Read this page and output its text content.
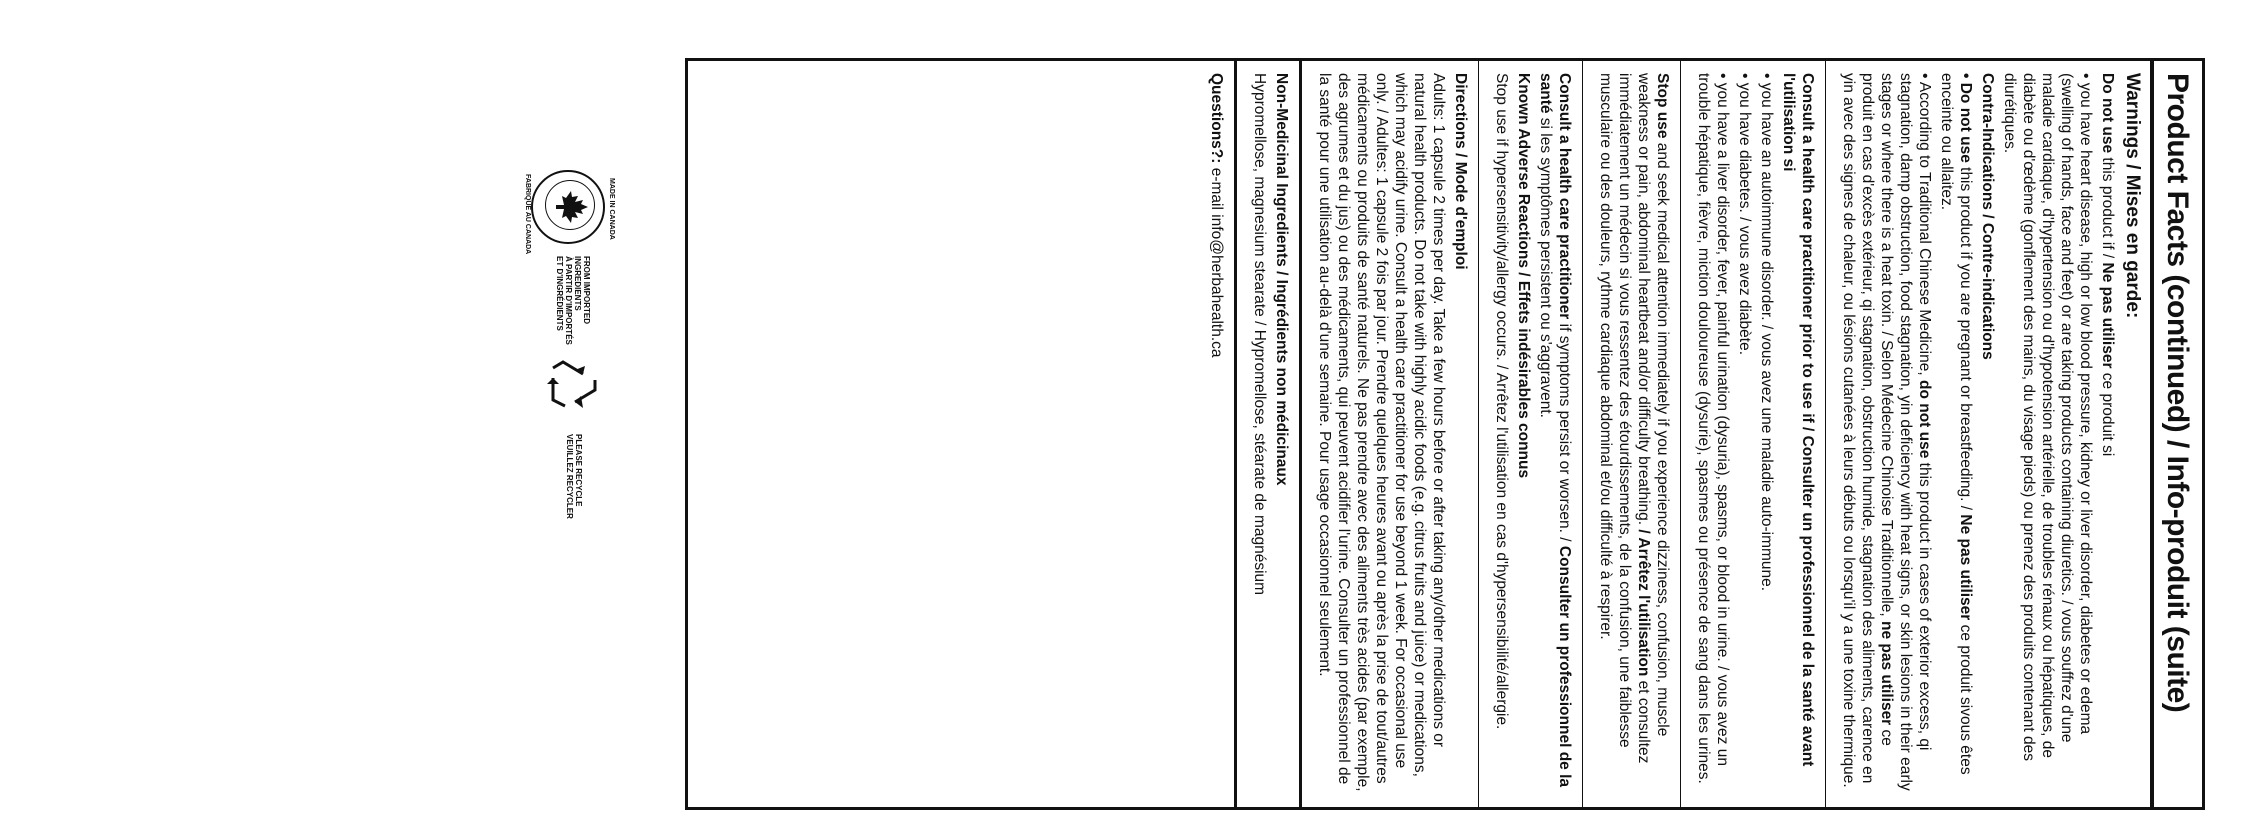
Product Facts (continued) / Info-produit (suite)
Warnings / Mises en garde:
Do not use this product if / Ne pas utiliser ce produit si
• you have heart disease, high or low blood pressure, kidney or liver disorder, diabetes or edema (swelling of hands, face and feet) or are taking products containing diuretics. / vous souffrez d'une maladie cardiaque, d'hypertension ou d'hypotension artérielle, de troubles rénaux ou hépatiques, de diabète ou d'œdème (gonflement des mains, du visage pieds) ou prenez des produits contenant des diurétiques.
Contra-Indications / Contre-indications
• Do not use this product if you are pregnant or breastfeeding. / Ne pas utiliser ce produit sivous êtes enceinte ou allaitez.
• According to Traditional Chinese Medicine, do not use this product in cases of exterior excess, qi stagnation, damp obstruction, food stagnation, yin deficiency with heat signs, or skin lesions in their early stages or where there is a heat toxin. / Selon Médecine Chinoise Traditionnelle, ne pas utiliser ce produit en cas d'excès extérieur, qi stagnation, obstruction humide, stagnation des aliments, carence en yin avec des signes de chaleur, ou lésions cutanées à leurs débuts ou lorsqu'il y a une toxine thermique.
Consult a health care practitioner prior to use if / Consulter un professionnel de la santé avant l'utilisation si
• you have an autoimmune disorder. / vous avez une maladie auto-immune.
• you have diabetes. / vous avez diabète.
• you have a liver disorder, fever, painful urination (dysuria), spasms, or blood in urine. / vous avez un trouble hépatique, fièvre, miction douloureuse (dysurie), spasmes ou présence de sang dans les urines.
Stop use and seek medical attention immediately if you experience dizziness, confusion, muscle weakness or pain, abdominal heartbeat and/or difficulty breathing. / Arrêtez l'utilisation et consultez immédiatement un médecin si vous ressentez des étourdissements, de la confusion, une faiblesse musculaire ou des douleurs, rythme cardiaque abdominal et/ou difficulté à respirer.
Consult a health care practitioner if symptoms persist or worsen. / Consulter un professionnel de la santé si les symptômes persistent ou s'aggravent.
Known Adverse Reactions / Effets indésirables connus
Stop use if hypersensitivity/allergy occurs. / Arrêtez l'utilisation en cas d'hypersensibilité/allergie.
Directions / Mode d'emploi
Adults: 1 capsule 2 times per day. Take a few hours before or after taking any/other medications or natural health products. Do not take with highly acidic foods (e.g. citrus fruits and juice) or medications, which may acidify urine. Consult a health care practitioner for use beyond 1 week. For occasional use only. / Adultes: 1 capsule 2 fois par jour. Prendre quelques heures avant ou après la prise de tout/autres médicaments ou produits de santé naturels. Ne pas prendre avec des aliments très acides (par exemple, des agrumes et du jus) ou des médicaments, qui peuvent acidifier l'urine. Consulter un professionnel de la santé pour une utilisation au-delà d'une semaine. Pour usage occasionnel seulement.
Non-Medicinal Ingredients / Ingrédients non médicinaux
Hypromellose, magnesium stearate / Hypromellose, stéarate de magnésium
Questions?: e-mail info@herbahealth.ca
MADE IN CANADA
FABRIQUÉ AU CANADA
FROM IMPORTED
INGREDIENTS
À PARTIR D'IMPORTÉS
ET D'INGRÉDIENTS
PLEASE RECYCLE
VEUILLEZ RECYCLER
